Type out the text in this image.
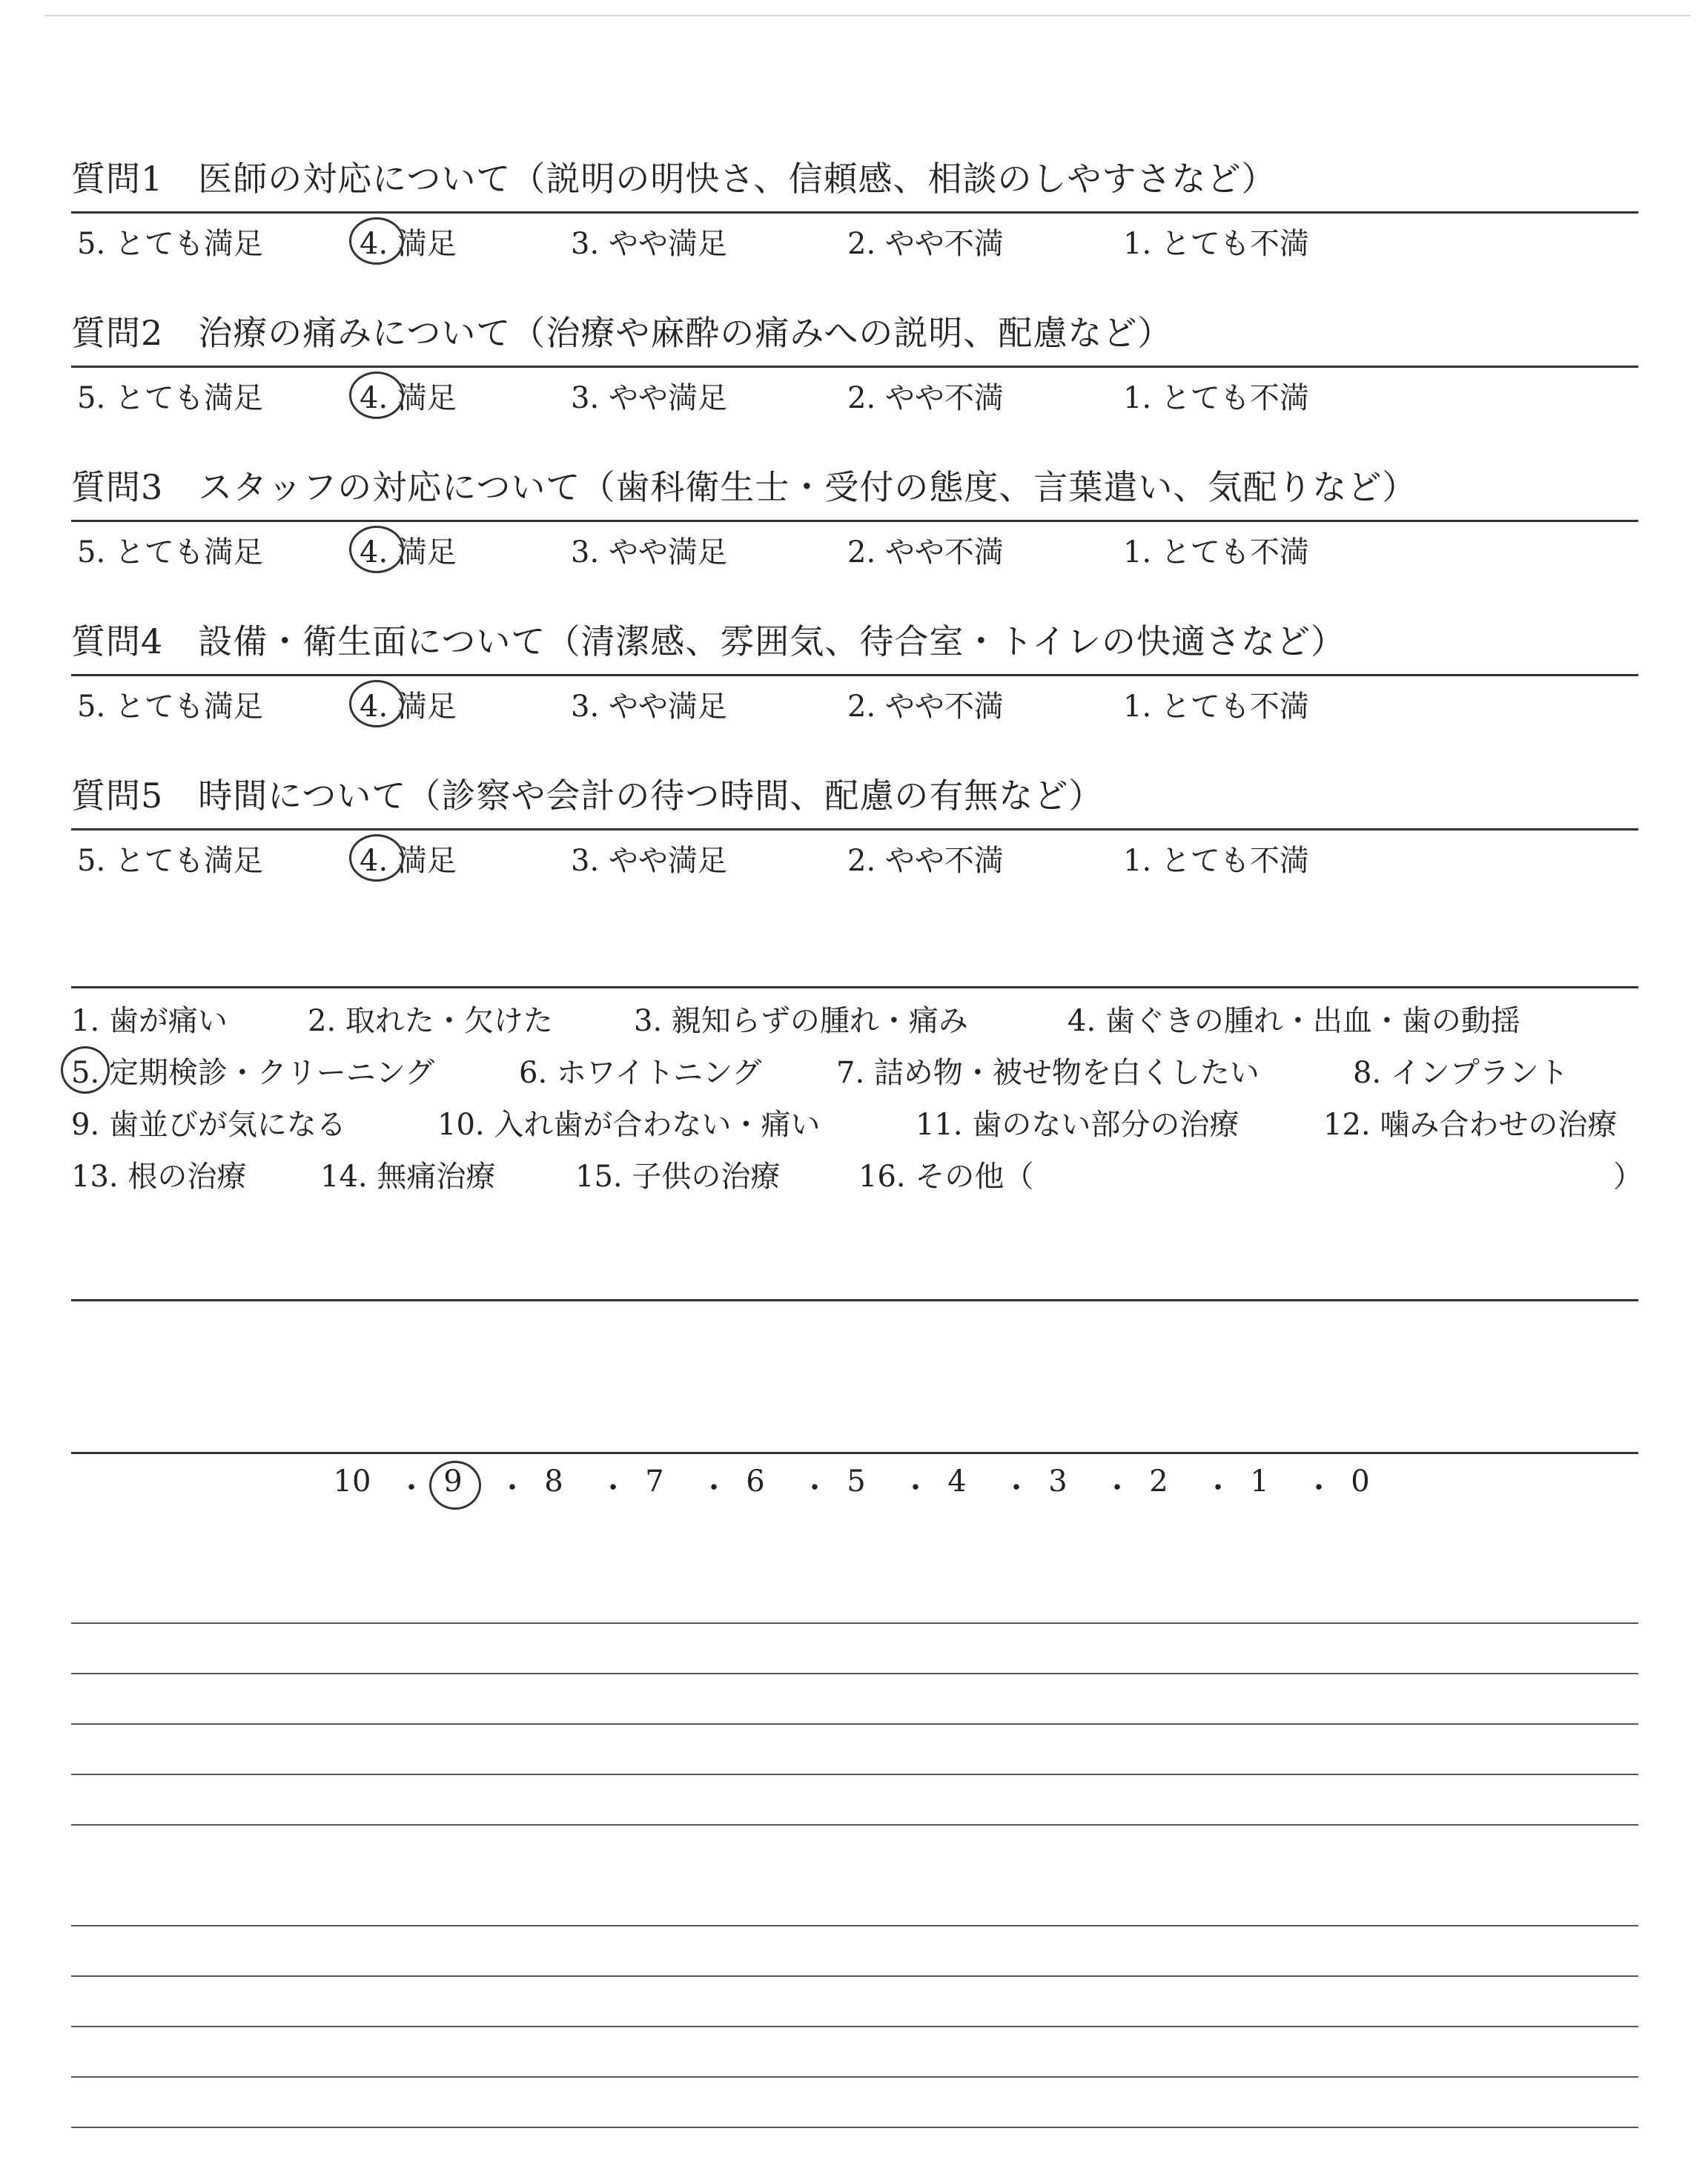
質問1　医師の対応について（説明の明快さ、信頼感、相談のしやすさなど）
5. とても満足	4. 満足	3. やや満足	2. やや不満	1. とても不満
質問2　治療の痛みについて（治療や麻酔の痛みへの説明、配慮など）
5. とても満足	4. 満足	3. やや満足	2. やや不満	1. とても不満
質問3　スタッフの対応について（歯科衛生士・受付の態度、言葉遣い、気配りなど）
5. とても満足	4. 満足	3. やや満足	2. やや不満	1. とても不満
質問4　設備・衛生面について（清潔感、雰囲気、待合室・トイレの快適さなど）
5. とても満足	4. 満足	3. やや満足	2. やや不満	1. とても不満
質問5　時間について（診察や会計の待つ時間、配慮の有無など）
5. とても満足	4. 満足	3. やや満足	2. やや不満	1. とても不満
1. 歯が痛い	2. 取れた・欠けた	3. 親知らずの腫れ・痛み	4. 歯ぐきの腫れ・出血・歯の動揺
5. 定期検診・クリーニング	6. ホワイトニング	7. 詰め物・被せ物を白くしたい	8. インプラント
9. 歯並びが気になる	10. 入れ歯が合わない・痛い	11. 歯のない部分の治療	12. 噛み合わせの治療
13. 根の治療 14. 無痛治療	15. 子供の治療	16. その他（	）
10 ・ 9	・ 8	・ 7	・ 6	・ 5	・ 4	・ 3	・ 2	・ 1	・ 0
